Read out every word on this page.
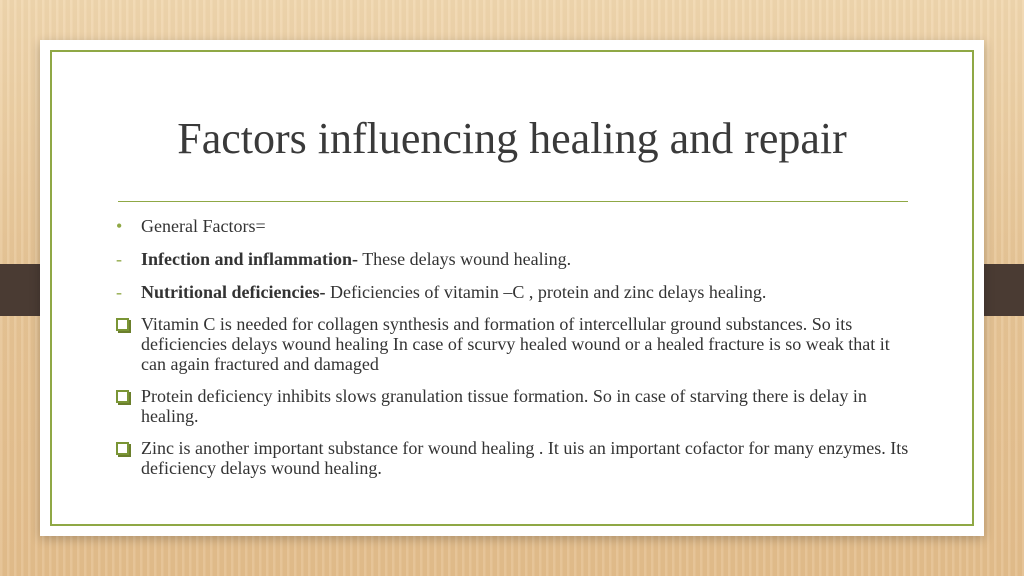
Factors influencing healing and repair
• General Factors=
- Infection and inflammation- These delays wound healing.
- Nutritional deficiencies- Deficiencies of vitamin –C , protein and zinc delays healing.
Vitamin C is needed for collagen synthesis and formation of intercellular ground substances. So its deficiencies delays wound healing In case of scurvy healed wound or a healed fracture is so weak that it can again fractured and damaged
Protein deficiency inhibits slows granulation tissue formation. So in case of starving there is delay in healing.
Zinc is another important substance for wound healing . It uis an important cofactor for many enzymes. Its deficiency delays wound healing.
